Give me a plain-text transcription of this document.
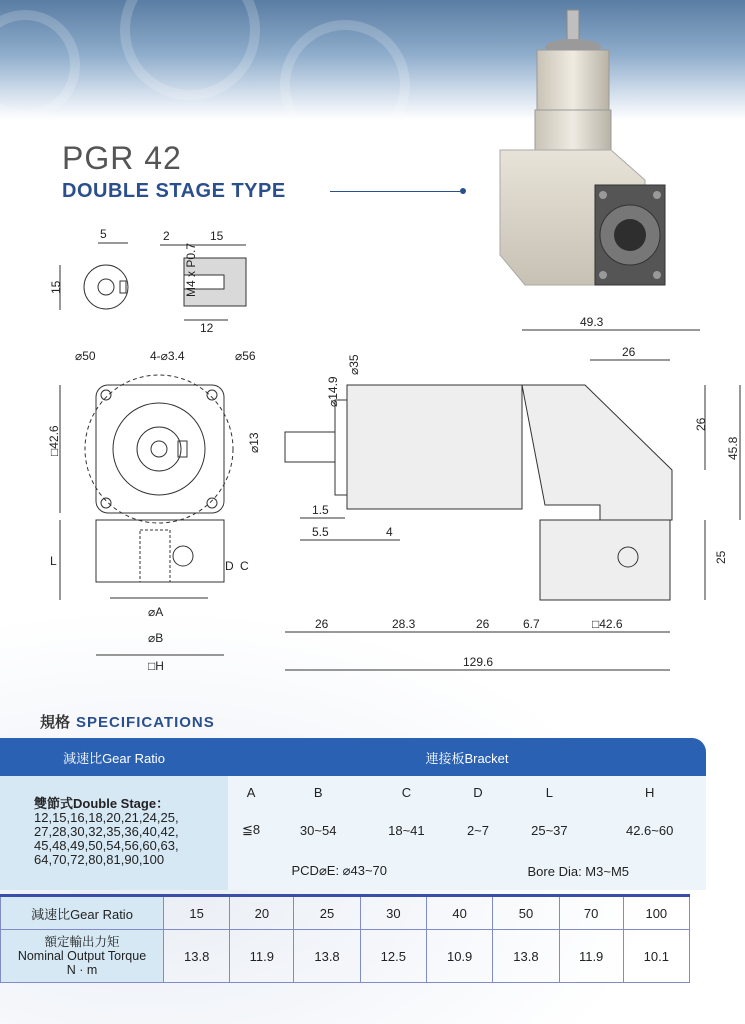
PGR 42
DOUBLE STAGE TYPE
5
15
2	15
M4 x P0.7
12
⌀50	4-⌀3.4	⌀56
□42.6
L	D C
⌀A
⌀B
□H
⌀35
⌀14.9
⌀13
1.5
5.5	4
49.3
26
26
45.8
25
26	28.3	26	6.7	□42.6
129.6
規格 SPECIFICATIONS
減速比Gear Ratio	連接板Bracket					

雙節式Double Stage：
12,15,16,18,20,21,24,25,
27,28,30,32,35,36,40,42,
45,48,49,50,54,56,60,63,
64,70,72,80,81,90,100	A	B	C	D	L	H
	≦8	30~54	18~41	2~7	25~37	42.6~60
	PCD⌀E: ⌀43~70			Bore Dia: M3~M5		
減速比Gear Ratio	15	20	25	30	40	50	70	100

額定輸出力矩
Nominal Output Torque
N · m	13.8	11.9	13.8	12.5	10.9	13.8	11.9	10.1
